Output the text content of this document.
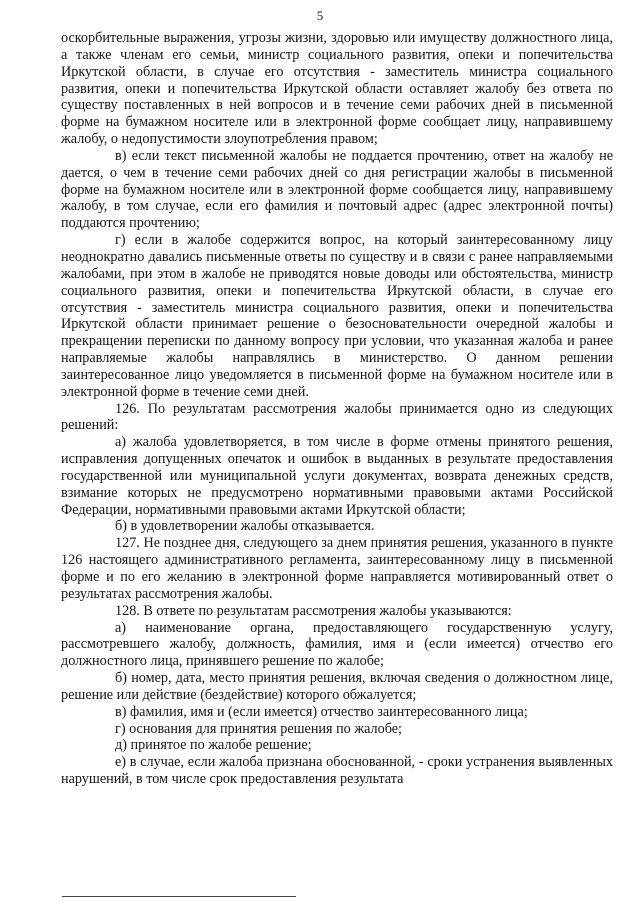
5

оскорбительные выражения, угрозы жизни, здоровью или имуществу должностного лица, а также членам его семьи, министр социального развития, опеки и попечительства Иркутской области, в случае его отсутствия - заместитель министра социального развития, опеки и попечительства Иркутской области оставляет жалобу без ответа по существу поставленных в ней вопросов и в течение семи рабочих дней в письменной форме на бумажном носителе или в электронной форме сообщает лицу, направившему жалобу, о недопустимости злоупотребления правом;

в) если текст письменной жалобы не поддается прочтению, ответ на жалобу не дается, о чем в течение семи рабочих дней со дня регистрации жалобы в письменной форме на бумажном носителе или в электронной форме сообщается лицу, направившему жалобу, в том случае, если его фамилия и почтовый адрес (адрес электронной почты) поддаются прочтению;

г) если в жалобе содержится вопрос, на который заинтересованному лицу неоднократно давались письменные ответы по существу и в связи с ранее направляемыми жалобами, при этом в жалобе не приводятся новые доводы или обстоятельства, министр социального развития, опеки и попечительства Иркутской области, в случае его отсутствия - заместитель министра социального развития, опеки и попечительства Иркутской области принимает решение о безосновательности очередной жалобы и прекращении переписки по данному вопросу при условии, что указанная жалоба и ранее направляемые жалобы направлялись в министерство. О данном решении заинтересованное лицо уведомляется в письменной форме на бумажном носителе или в электронной форме в течение семи дней.

126. По результатам рассмотрения жалобы принимается одно из следующих решений:

а) жалоба удовлетворяется, в том числе в форме отмены принятого решения, исправления допущенных опечаток и ошибок в выданных в результате предоставления государственной или муниципальной услуги документах, возврата денежных средств, взимание которых не предусмотрено нормативными правовыми актами Российской Федерации, нормативными правовыми актами Иркутской области;

б) в удовлетворении жалобы отказывается.

127. Не позднее дня, следующего за днем принятия решения, указанного в пункте 126 настоящего административного регламента, заинтересованному лицу в письменной форме и по его желанию в электронной форме направляется мотивированный ответ о результатах рассмотрения жалобы.

128. В ответе по результатам рассмотрения жалобы указываются:

а) наименование органа, предоставляющего государственную услугу, рассмотревшего жалобу, должность, фамилия, имя и (если имеется) отчество его должностного лица, принявшего решение по жалобе;

б) номер, дата, место принятия решения, включая сведения о должностном лице, решение или действие (бездействие) которого обжалуется;

в) фамилия, имя и (если имеется) отчество заинтересованного лица;

г) основания для принятия решения по жалобе;

д) принятое по жалобе решение;

е) в случае, если жалоба признана обоснованной, - сроки устранения выявленных нарушений, в том числе срок предоставления результата
